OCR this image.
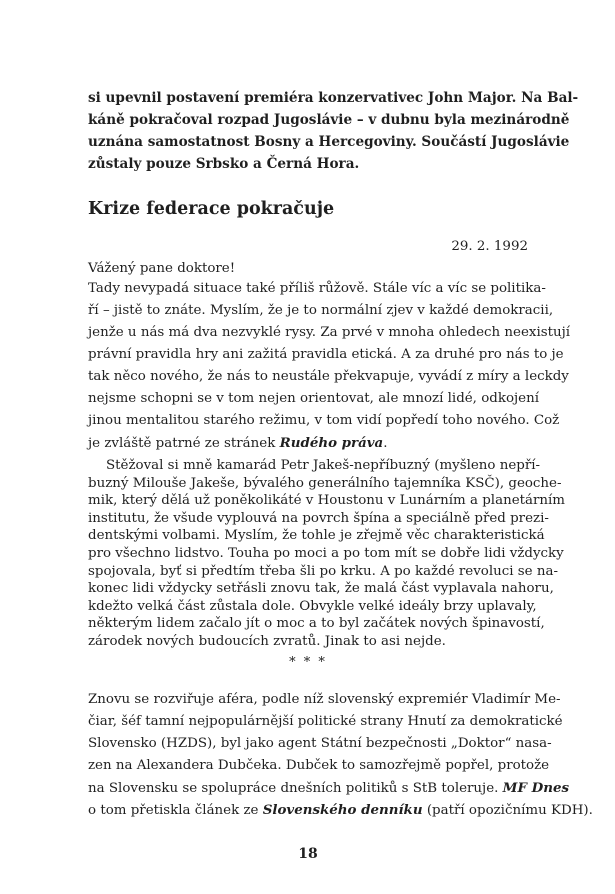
si upevnil postavení premiéra konzervativec John Major. Na Bal-
káně pokračoval rozpad Jugoslávie – v dubnu byla mezinárodně
uznána samostatnost Bosny a Hercegoviny. Součástí Jugoslávie
zůstaly pouze Srbsko a Černá Hora.
Krize federace pokračuje
29. 2. 1992
Vážený pane doktore!
Tady nevypadá situace také příliš růžově. Stále víc a víc se politika-
ří – jistě to znáte. Myslím, že je to normální zjev v každé demokracii,
jenže u nás má dva nezvyklé rysy. Za prvé v mnoha ohledech neexistují
právní pravidla hry ani zažitá pravidla etická. A za druhé pro nás to je
tak něco nového, že nás to neustále překvapuje, vyvádí z míry a leckdy
nejsme schopni se v tom nejen orientovat, ale mnozí lidé, odkojení
jinou mentalitou starého režimu, v tom vidí popředí toho nového. Což
je zvláště patrné ze stránek Rudého práva.
Stěžoval si mně kamarád Petr Jakeš-nepříbuzný (myšleno nepří-
buzný Milouše Jakeše, bývalého generálního tajemníka KSČ), geoche-
mik, který dělá už poněkolikáté v Houstonu v Lunárním a planetárním
institutu, že všude vyplouvá na povrch špína a speciálně před prezi-
dentskými volbami. Myslím, že tohle je zřejmě věc charakteristická
pro všechno lidstvo. Touha po moci a po tom mít se dobře lidi vždycky
spojovala, byť si předtím třeba šli po krku. A po každé revoluci se na-
konec lidi vždycky setřásli znovu tak, že malá část vyplavala nahoru,
kdežto velká část zůstala dole. Obvykle velké ideály brzy uplavaly,
některým lidem začalo jít o moc a to byl začátek nových špinavostí,
zárodek nových budoucích zvratů. Jinak to asi nejde.
* * *
Znovu se rozviřuje aféra, podle níž slovenský expremiér Vladimír Me-
čiar, šéf tamní nejpopulárnější politické strany Hnutí za demokratické
Slovensko (HZDS), byl jako agent Státní bezpečnosti „Doktor“ nasa-
zen na Alexandera Dubčeka. Dubček to samozřejmě popřel, protože
na Slovensku se spolupráce dnešních politiků s StB toleruje. MF Dnes
o tom přetiskla článek ze Slovenského denníku (patří opozičnímu KDH).
18
